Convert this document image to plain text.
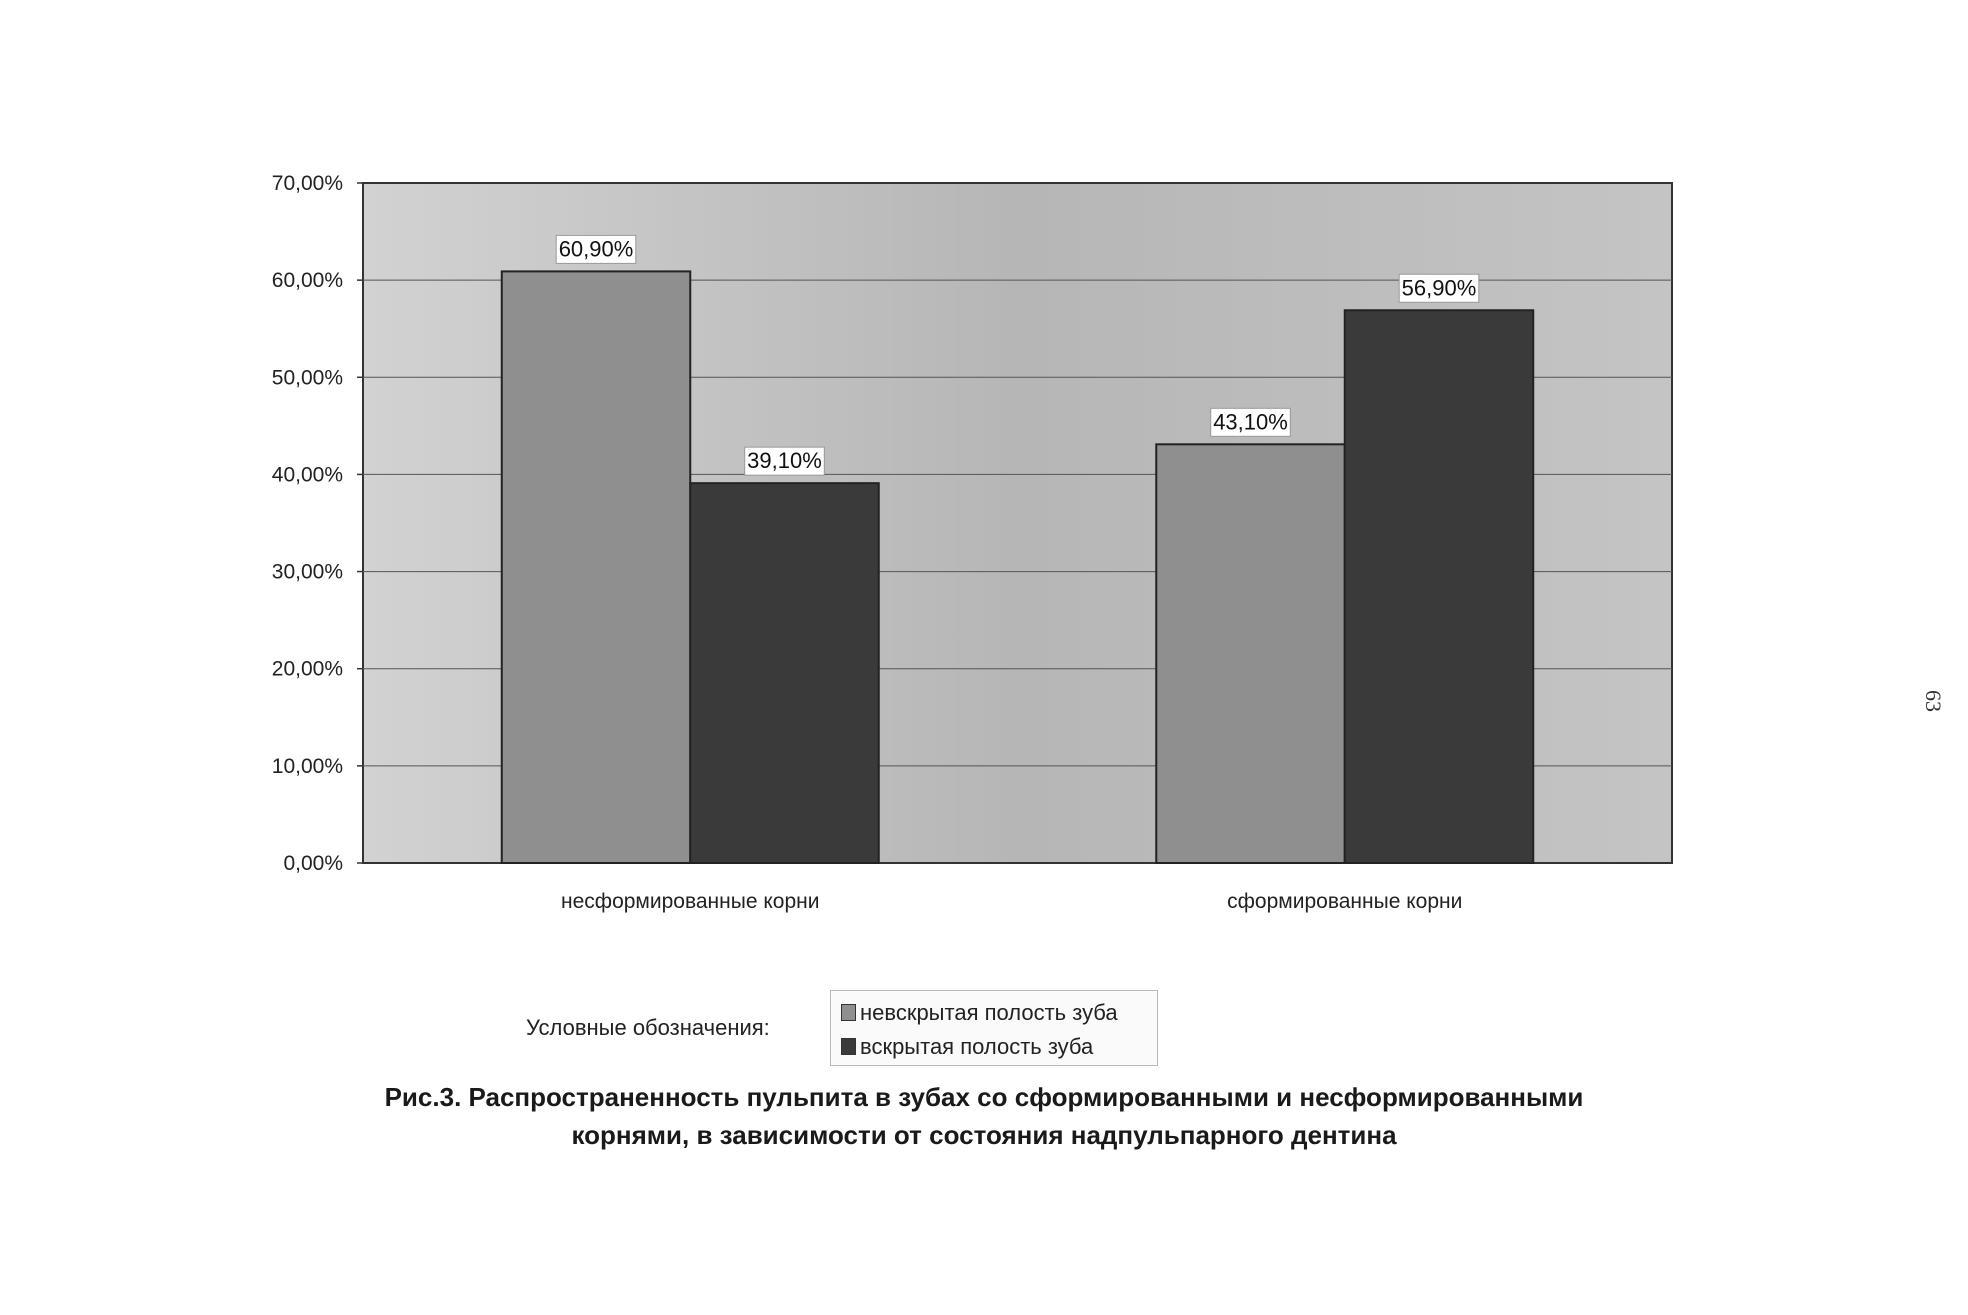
0,00%
10,00%
20,00%
30,00%
40,00%
50,00%
60,00%
70,00%
60,90%
39,10%
43,10%
56,90%
несформированные корни	сформированные корни
Условные обозначения:
невскрытая полость зуба
вскрытая полость зуба

Рис.3. Распространенность пульпита в зубах со сформированными и несформированными
корнями, в зависимости от состояния надпульпарного дентина

63
